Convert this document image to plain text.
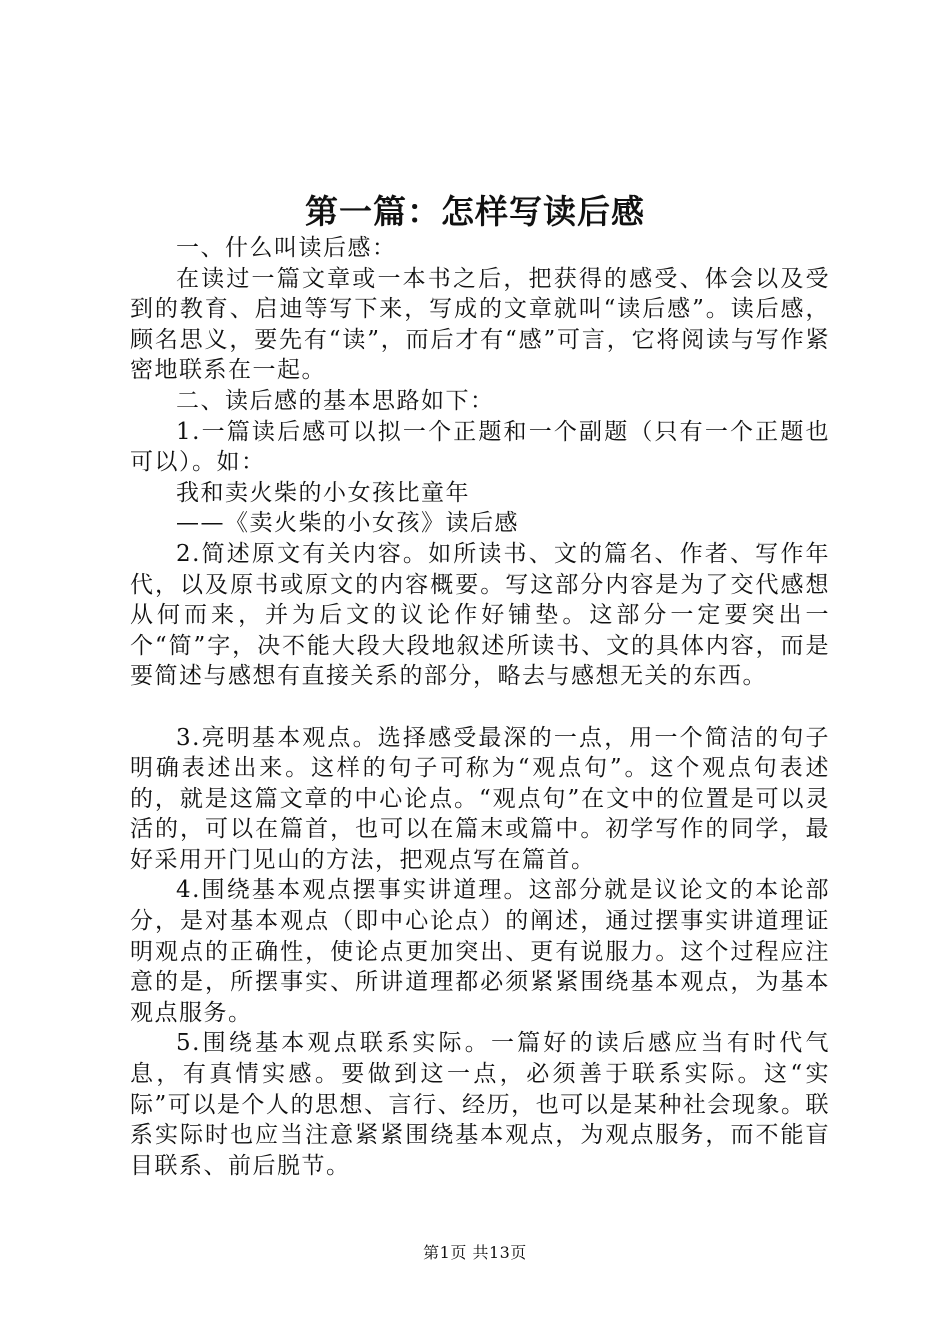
第一篇：怎样写读后感

一、什么叫读后感：

在读过一篇文章或一本书之后，把获得的感受、体会以及受到的教育、启迪等写下来，写成的文章就叫“读后感”。读后感，顾名思义，要先有“读”，而后才有“感”可言，它将阅读与写作紧密地联系在一起。

二、读后感的基本思路如下：

1.一篇读后感可以拟一个正题和一个副题（只有一个正题也可以）。如：

我和卖火柴的小女孩比童年

——《卖火柴的小女孩》读后感

2.简述原文有关内容。如所读书、文的篇名、作者、写作年代，以及原书或原文的内容概要。写这部分内容是为了交代感想从何而来，并为后文的议论作好铺垫。这部分一定要突出一个“简”字，决不能大段大段地叙述所读书、文的具体内容，而是要简述与感想有直接关系的部分，略去与感想无关的东西。

3.亮明基本观点。选择感受最深的一点，用一个简洁的句子明确表述出来。这样的句子可称为“观点句”。这个观点句表述的，就是这篇文章的中心论点。“观点句”在文中的位置是可以灵活的，可以在篇首，也可以在篇末或篇中。初学写作的同学，最好采用开门见山的方法，把观点写在篇首。

4.围绕基本观点摆事实讲道理。这部分就是议论文的本论部分，是对基本观点（即中心论点）的阐述，通过摆事实讲道理证明观点的正确性，使论点更加突出、更有说服力。这个过程应注意的是，所摆事实、所讲道理都必须紧紧围绕基本观点，为基本观点服务。

5.围绕基本观点联系实际。一篇好的读后感应当有时代气息，有真情实感。要做到这一点，必须善于联系实际。这“实际”可以是个人的思想、言行、经历，也可以是某种社会现象。联系实际时也应当注意紧紧围绕基本观点，为观点服务，而不能盲目联系、前后脱节。

第1页 共13页
